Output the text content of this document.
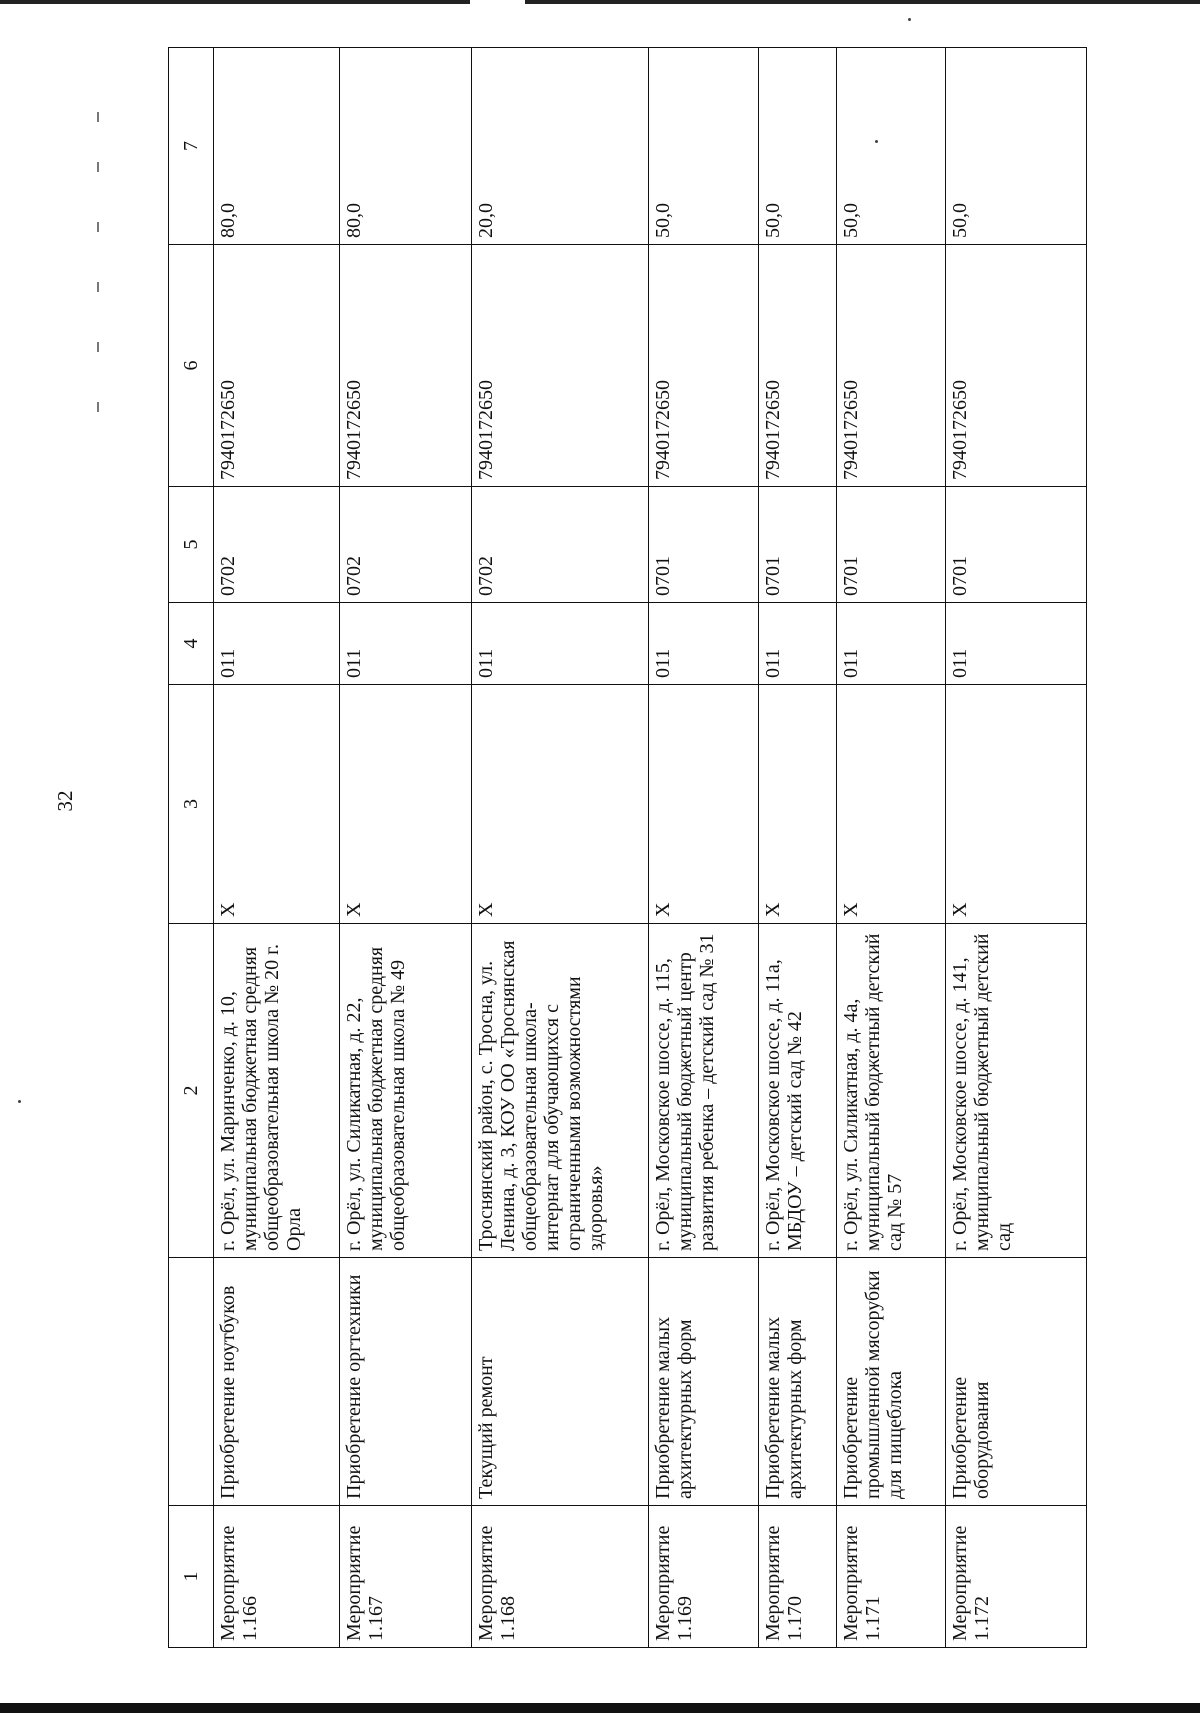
32
1		2	3	4	5	6	7
Мероприятие 1.166	Приобретение ноутбуков	г. Орёл, ул. Маринченко, д. 10, муниципальная бюджетная средняя общеобразовательная школа № 20 г. Орла	X	011	0702	7940172650	80,0
Мероприятие 1.167	Приобретение оргтехники	г. Орёл, ул. Силикатная, д. 22, муниципальная бюджетная средняя общеобразовательная школа № 49	X	011	0702	7940172650	80,0
Мероприятие 1.168	Текущий ремонт	Троснянский район, с. Тросна, ул. Ленина, д. 3, КОУ ОО «Троснянская общеобразовательная школа-интернат для обучающихся с ограниченными возможностями здоровья»	X	011	0702	7940172650	20,0
Мероприятие 1.169	Приобретение малых архитектурных форм	г. Орёл, Московское шоссе, д. 115, муниципальный бюджетный центр развития ребенка – детский сад № 31	X	011	0701	7940172650	50,0
Мероприятие 1.170	Приобретение малых архитектурных форм	г. Орёл, Московское шоссе, д. 11а, МБДОУ – детский сад № 42	X	011	0701	7940172650	50,0
Мероприятие 1.171	Приобретение промышленной мясорубки для пищеблока	г. Орёл, ул. Силикатная, д. 4а, муниципальный бюджетный детский сад № 57	X	011	0701	7940172650	50,0
Мероприятие 1.172	Приобретение оборудования	г. Орёл, Московское шоссе, д. 141, муниципальный бюджетный детский сад	X	011	0701	7940172650	50,0
